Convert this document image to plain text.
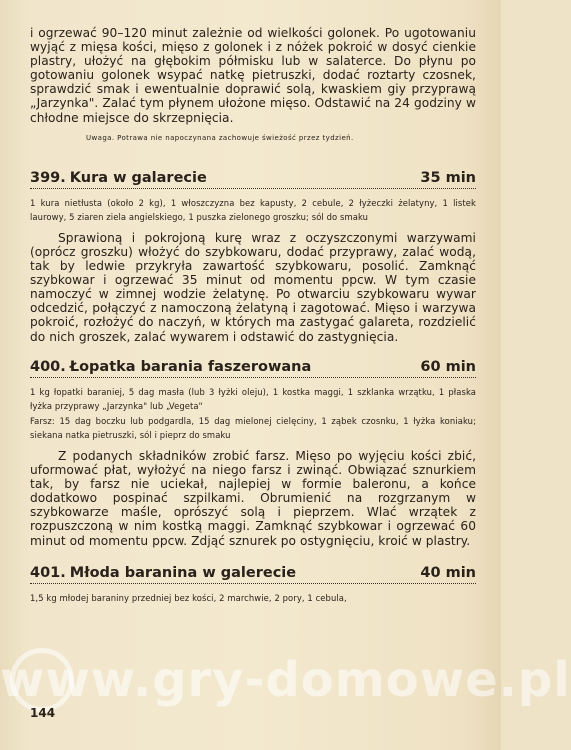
i ogrzewać 90–120 minut zależnie od wielkości golonek. Po ugotowaniu wyjąć z mięsa kości, mięso z golonek i z nóżek pokroić w dosyć cienkie plastry, ułożyć na głębokim półmisku lub w salaterce. Do płynu po gotowaniu golonek wsypać natkę pietruszki, dodać roztarty czosnek, sprawdzić smak i ewentualnie doprawić solą, kwaskiem giy przyprawą „Jarzynka". Zalać tym płynem ułożone mięso. Odstawić na 24 godziny w chłodne miejsce do skrzepnięcia.

Uwaga. Potrawa nie napoczynana zachowuje świeżość przez tydzień.

399. Kura w galarecie	35 min

1 kura nietłusta (około 2 kg), 1 włoszczyzna bez kapusty, 2 cebule, 2 łyżeczki żelatyny, 1 listek laurowy, 5 ziaren ziela angielskiego, 1 puszka zielonego groszku; sól do smaku

Sprawioną i pokrojoną kurę wraz z oczyszczonymi warzywami (oprócz groszku) włożyć do szybkowaru, dodać przyprawy, zalać wodą, tak by ledwie przykryła zawartość szybkowaru, posolić. Zamknąć szybkowar i ogrzewać 35 minut od momentu ppcw. W tym czasie namoczyć w zimnej wodzie żelatynę. Po otwarciu szybkowaru wywar odcedzić, połączyć z namoczoną żelatyną i zagotować. Mięso i warzywa pokroić, rozłożyć do naczyń, w których ma zastygać galareta, rozdzielić do nich groszek, zalać wywarem i odstawić do zastygnięcia.

400. Łopatka barania faszerowana	60 min

1 kg łopatki baraniej, 5 dag masła (lub 3 łyżki oleju), 1 kostka maggi, 1 szklanka wrzątku, 1 płaska łyżka przyprawy „Jarzynka" lub „Vegeta"

Farsz: 15 dag boczku lub podgardla, 15 dag mielonej cielęciny, 1 ząbek czosnku, 1 łyżka koniaku; siekana natka pietruszki, sól i pieprz do smaku

Z podanych składników zrobić farsz. Mięso po wyjęciu kości zbić, uformować płat, wyłożyć na niego farsz i zwinąć. Obwiązać sznurkiem tak, by farsz nie uciekał, najlepiej w formie baleronu, a końce dodatkowo pospinać szpilkami. Obrumienić na rozgrzanym w szybkowarze maśle, oprószyć solą i pieprzem. Wlać wrzątek z rozpuszczoną w nim kostką maggi. Zamknąć szybkowar i ogrzewać 60 minut od momentu ppcw. Zdjąć sznurek po ostygnięciu, kroić w plastry.

401. Młoda baranina w galerecie	40 min

1,5 kg młodej baraniny przedniej bez kości, 2 marchwie, 2 pory, 1 cebula,

www.gry-domowe.pl
144
